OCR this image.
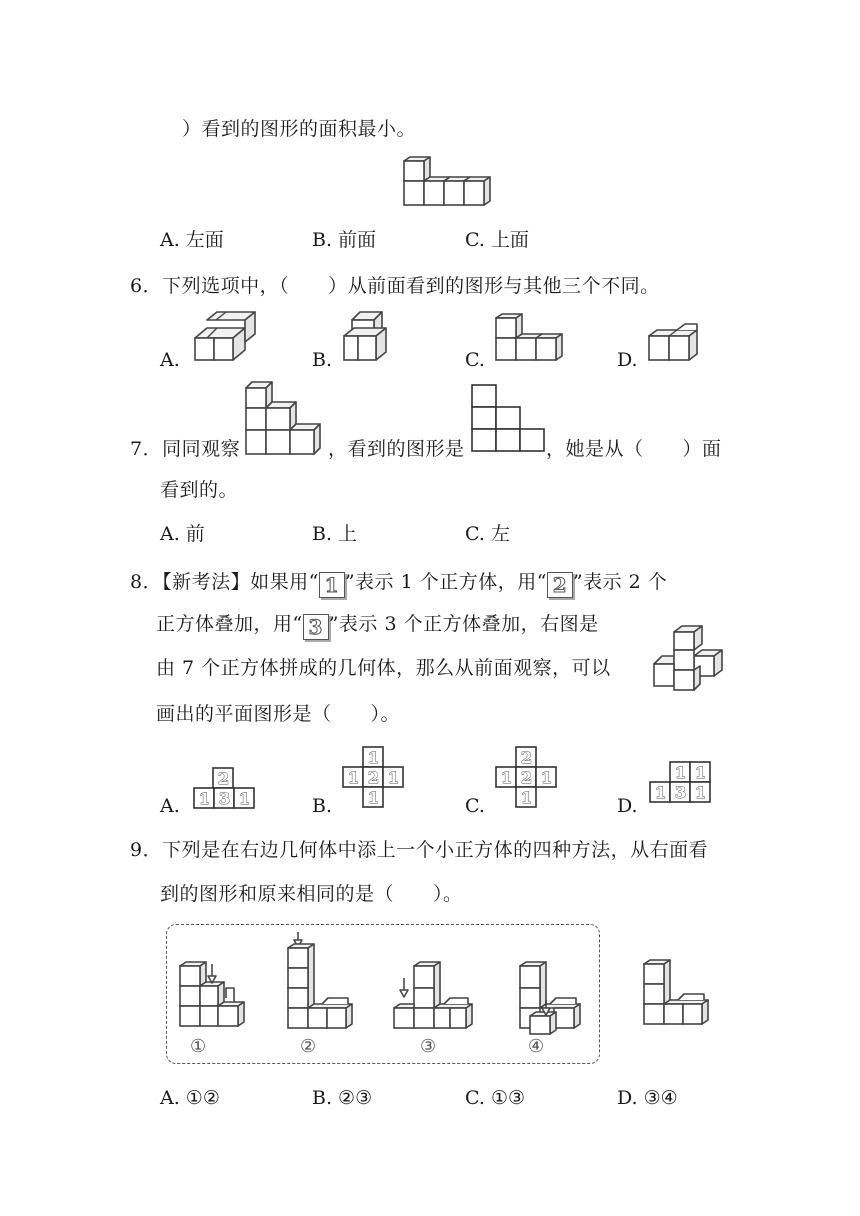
）看到的图形的面积最小。
A. 左面	B. 前面	C. 上面
6．下列选项中，（　　）从前面看到的图形与其他三个不同。
A.	B.	C.	D.
7．同同观察	，看到的图形是	，她是从（　　）面
看到的。
A. 前	B. 上	C. 左
8．【新考法】如果用“ 1 ”表示 1 个正方体，用“ 2 ”表示 2 个
正方体叠加，用“ 3 ”表示 3 个正方体叠加，右图是
由 7 个正方体拼成的几何体，那么从前面观察，可以
画出的平面图形是（　　）。
A.
2
1 3 1	B.
1
1 2 1
1	C.
2
1 2 1
1	D.
1 1
1 3 1
9．下列是在右边几何体中添上一个小正方体的四种方法，从右面看
到的图形和原来相同的是（　　）。
①	②	③	④
A. ①②	B. ②③	C. ①③	D. ③④
